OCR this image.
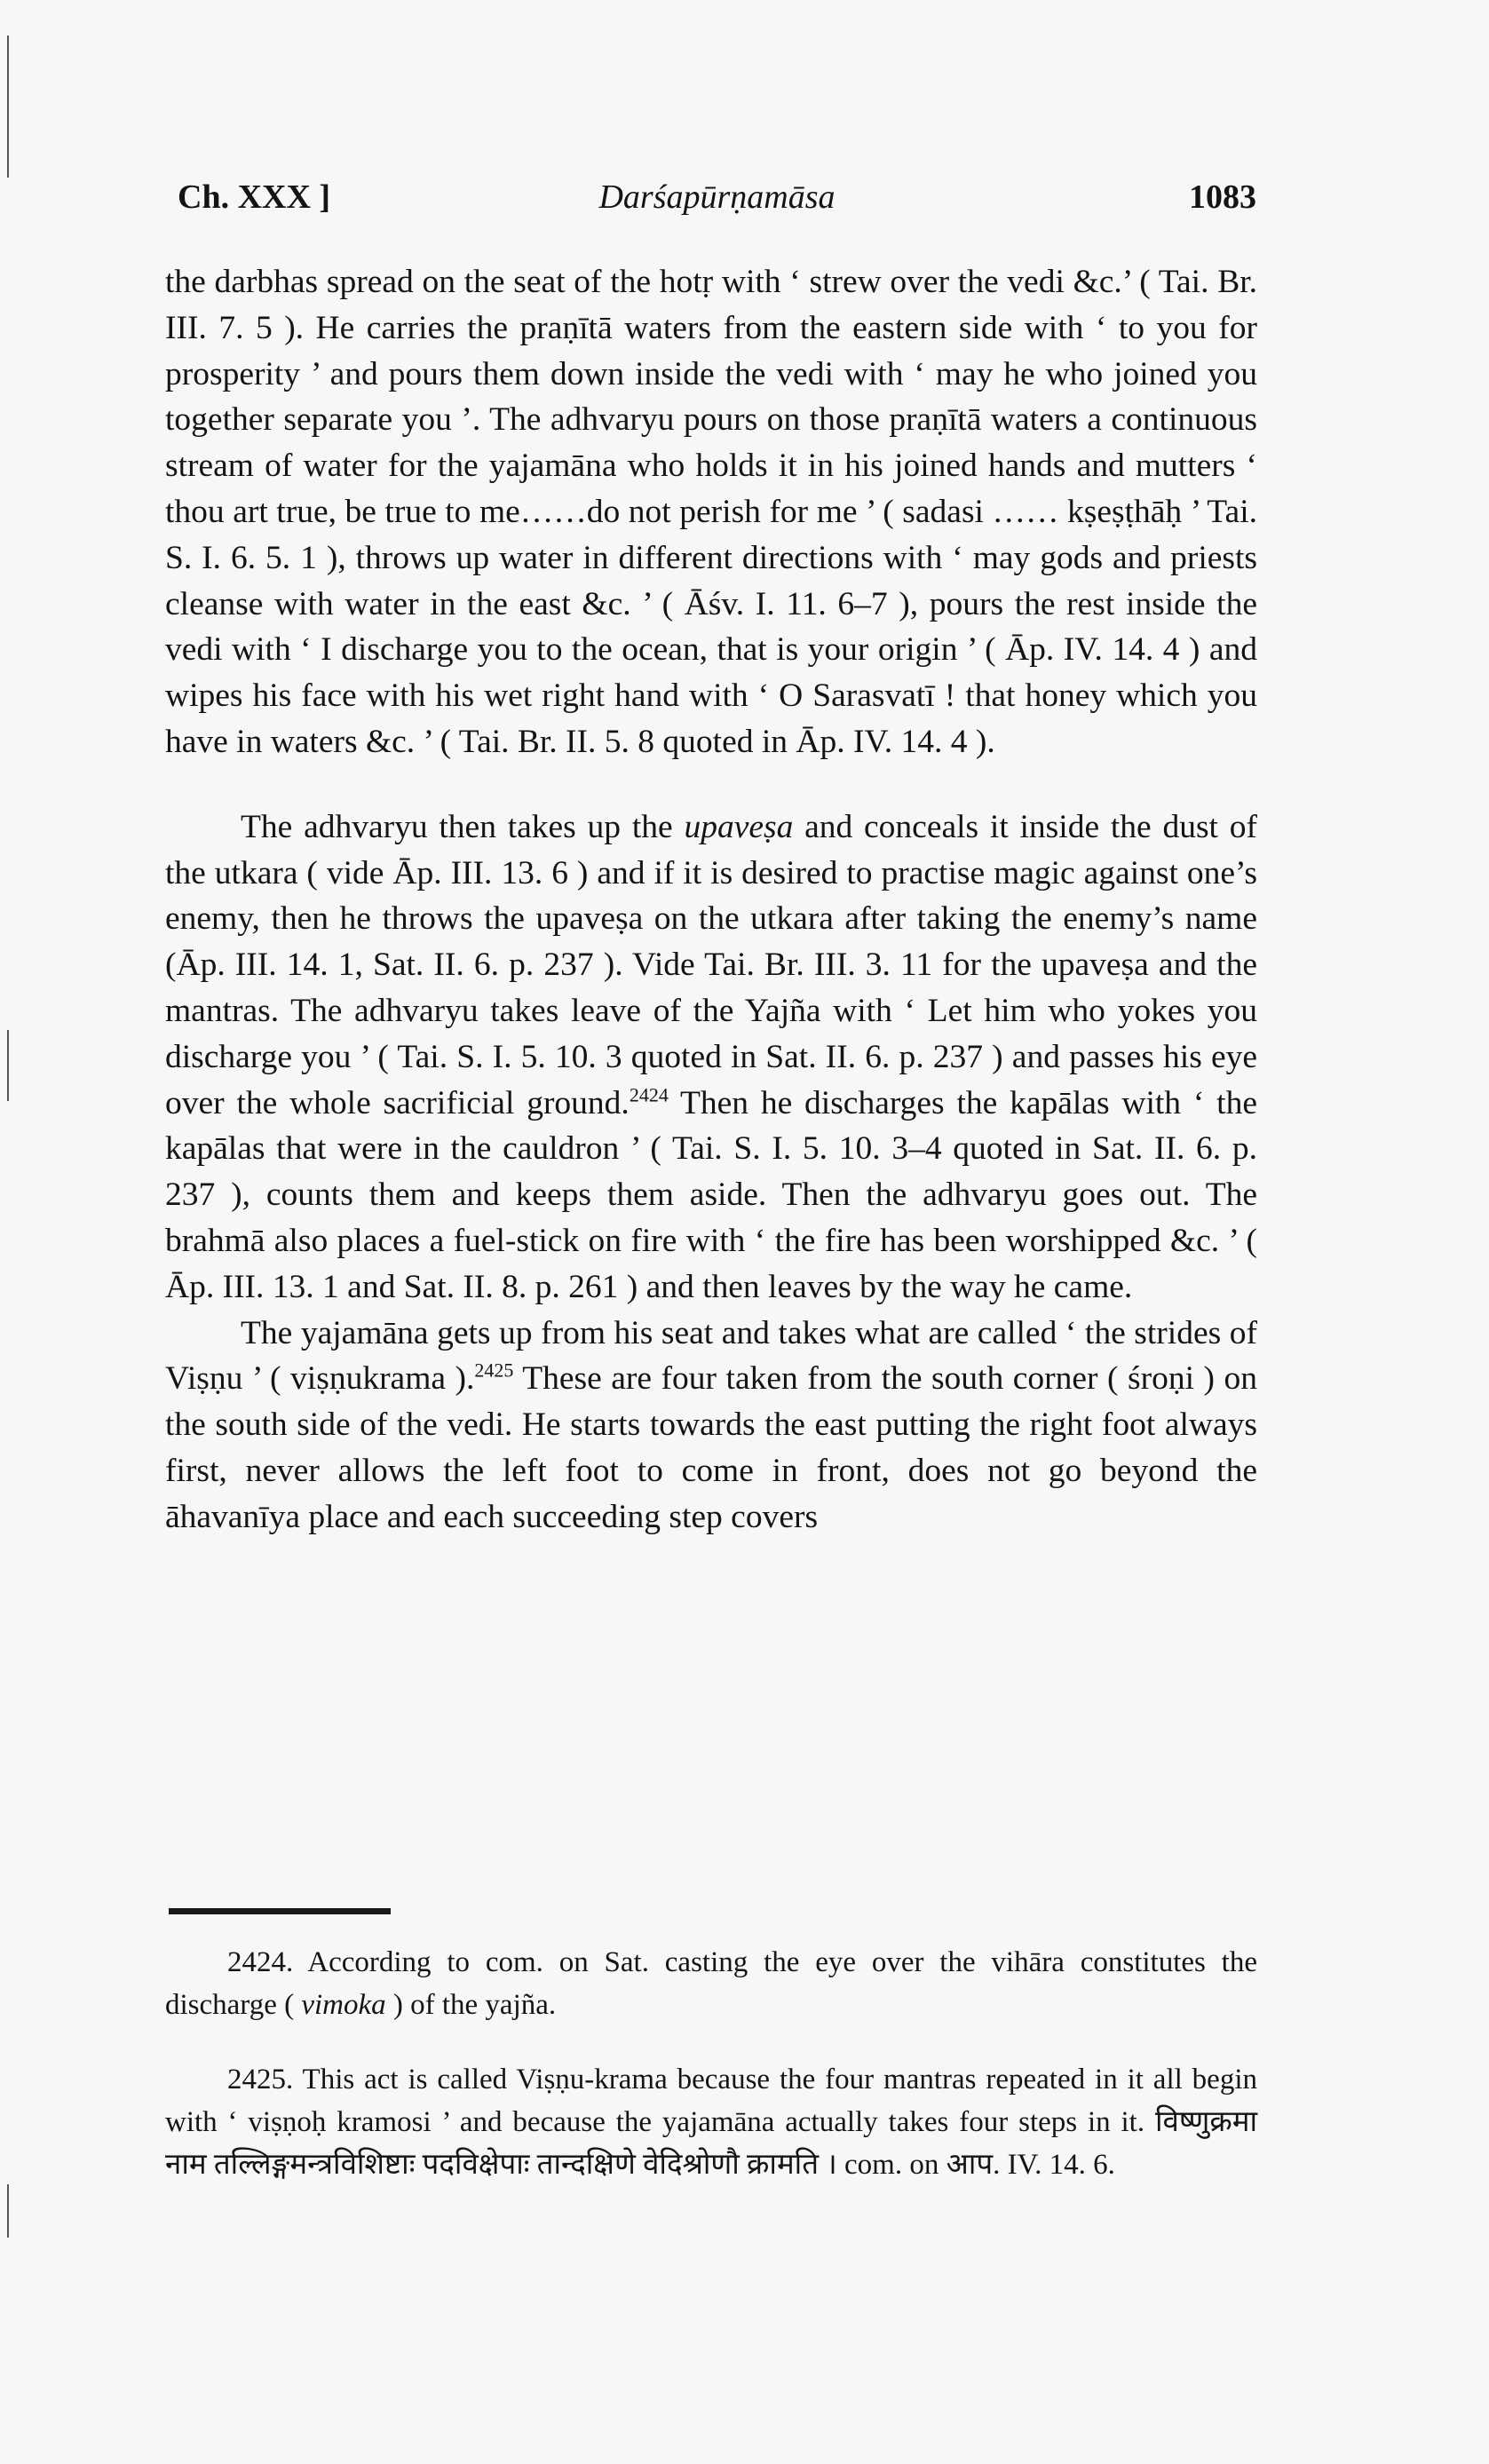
Ch. XXX ]	Darśapūrṇamāsa	1083

the darbhas spread on the seat of the hotṛ with ‘ strew over the vedi &c.’ ( Tai. Br. III. 7. 5 ). He carries the praṇītā waters from the eastern side with ‘ to you for prosperity ’ and pours them down inside the vedi with ‘ may he who joined you together separate you ’. The adhvaryu pours on those praṇītā waters a continuous stream of water for the yajamāna who holds it in his joined hands and mutters ‘ thou art true, be true to me……do not perish for me ’ ( sadasi …… kṣeṣṭhāḥ ’ Tai. S. I. 6. 5. 1 ), throws up water in different directions with ‘ may gods and priests cleanse with water in the east &c. ’ ( Āśv. I. 11. 6–7 ), pours the rest inside the vedi with ‘ I discharge you to the ocean, that is your origin ’ ( Āp. IV. 14. 4 ) and wipes his face with his wet right hand with ‘ O Sarasvatī ! that honey which you have in waters &c. ’ ( Tai. Br. II. 5. 8 quoted in Āp. IV. 14. 4 ).

The adhvaryu then takes up the upaveṣa and conceals it inside the dust of the utkara ( vide Āp. III. 13. 6 ) and if it is desired to practise magic against one’s enemy, then he throws the upaveṣa on the utkara after taking the enemy’s name (Āp. III. 14. 1, Sat. II. 6. p. 237 ). Vide Tai. Br. III. 3. 11 for the upaveṣa and the mantras. The adhvaryu takes leave of the Yajña with ‘ Let him who yokes you discharge you ’ ( Tai. S. I. 5. 10. 3 quoted in Sat. II. 6. p. 237 ) and passes his eye over the whole sacrificial ground.$^{2424}$ Then he discharges the kapālas with ‘ the kapālas that were in the cauldron ’ ( Tai. S. I. 5. 10. 3–4 quoted in Sat. II. 6. p. 237 ), counts them and keeps them aside. Then the adhvaryu goes out. The brahmā also places a fuel-stick on fire with ‘ the fire has been worshipped &c. ’ ( Āp. III. 13. 1 and Sat. II. 8. p. 261 ) and then leaves by the way he came.

The yajamāna gets up from his seat and takes what are called ‘ the strides of Viṣṇu ’ ( viṣṇukrama ).$^{2425}$ These are four taken from the south corner ( śroṇi ) on the south side of the vedi. He starts towards the east putting the right foot always first, never allows the left foot to come in front, does not go beyond the āhavanīya place and each succeeding step covers

2424. According to com. on Sat. casting the eye over the vihāra constitutes the discharge ( vimoka ) of the yajña.

2425. This act is called Viṣṇu-krama because the four mantras repeated in it all begin with ‘ viṣṇoḥ kramosi ’ and because the yajamāna actually takes four steps in it. विष्णुक्रमा नाम तल्लिङ्गमन्त्रविशिष्टाः पदविक्षेपाः तान्दक्षिणे वेदिश्रोणौ क्रामति । com. on आप. IV. 14. 6.
